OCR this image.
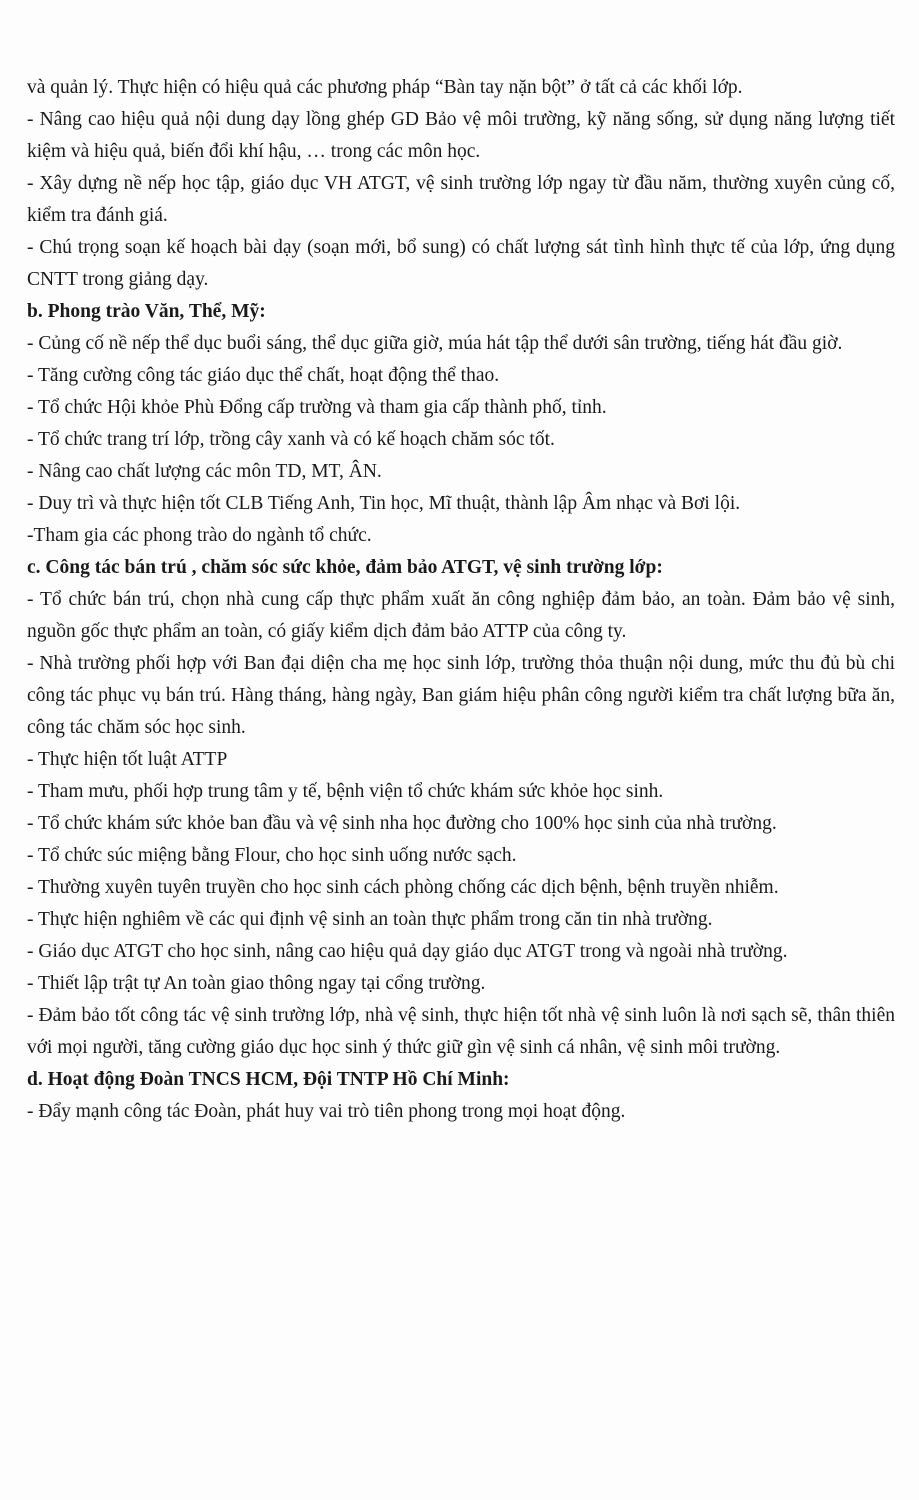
và quản lý. Thực hiện có hiệu quả các phương pháp “Bàn tay nặn bột” ở tất cả các khối lớp.

- Nâng cao hiệu quả nội dung dạy lồng ghép GD Bảo vệ môi trường, kỹ năng sống, sử dụng năng lượng tiết kiệm và hiệu quả, biến đổi khí hậu, … trong các môn học.

- Xây dựng nề nếp học tập, giáo dục VH ATGT, vệ sinh trường lớp ngay từ đầu năm, thường xuyên củng cố, kiểm tra đánh giá.

- Chú trọng soạn kế hoạch bài dạy (soạn mới, bổ sung) có chất lượng sát tình hình thực tế của lớp, ứng dụng CNTT trong giảng dạy.

b. Phong trào Văn, Thể, Mỹ:

- Củng cố nề nếp thể dục buổi sáng, thể dục giữa giờ, múa hát tập thể dưới sân trường, tiếng hát đầu giờ.

- Tăng cường công tác giáo dục thể chất, hoạt động thể thao.

- Tổ chức Hội khỏe Phù Đổng cấp trường và tham gia cấp thành phố, tỉnh.

- Tổ chức trang trí lớp, trồng cây xanh và có kế hoạch chăm sóc tốt.

- Nâng cao chất lượng các môn TD, MT, ÂN.

- Duy trì và thực hiện tốt CLB Tiếng Anh, Tin học, Mĩ thuật, thành lập Âm nhạc và Bơi lội.

-Tham gia các phong trào do ngành tổ chức.

c. Công tác bán trú , chăm sóc sức khỏe, đảm bảo ATGT, vệ sinh trường lớp:

- Tổ chức bán trú, chọn nhà cung cấp thực phẩm xuất ăn công nghiệp đảm bảo, an toàn. Đảm bảo vệ sinh, nguồn gốc thực phẩm an toàn, có giấy kiểm dịch đảm bảo ATTP của công ty.

- Nhà trường phối hợp với Ban đại diện cha mẹ học sinh lớp, trường thỏa thuận nội dung, mức thu đủ bù chi công tác phục vụ bán trú. Hàng tháng, hàng ngày, Ban giám hiệu phân công người kiểm tra chất lượng bữa ăn, công tác chăm sóc học sinh.

- Thực hiện tốt luật ATTP

- Tham mưu, phối hợp trung tâm y tế, bệnh viện tổ chức khám sức khỏe học sinh.

- Tổ chức khám sức khỏe ban đầu và vệ sinh nha học đường cho 100% học sinh của nhà trường.

- Tổ chức súc miệng bằng Flour, cho học sinh uống nước sạch.

- Thường xuyên tuyên truyền cho học sinh cách phòng chống các dịch bệnh, bệnh truyền nhiễm.

- Thực hiện nghiêm về các qui định vệ sinh an toàn thực phẩm trong căn tin nhà trường.

- Giáo dục ATGT cho học sinh, nâng cao hiệu quả dạy giáo dục ATGT trong và ngoài nhà trường.

- Thiết lập trật tự An toàn giao thông ngay tại cổng trường.

- Đảm bảo tốt công tác vệ sinh trường lớp, nhà vệ sinh, thực hiện tốt nhà vệ sinh luôn là nơi sạch sẽ, thân thiên với mọi người, tăng cường giáo dục học sinh ý thức giữ gìn vệ sinh cá nhân, vệ sinh môi trường.

d. Hoạt động Đoàn TNCS HCM, Đội TNTP Hồ Chí Minh:

- Đẩy mạnh công tác Đoàn, phát huy vai trò tiên phong trong mọi hoạt động.
